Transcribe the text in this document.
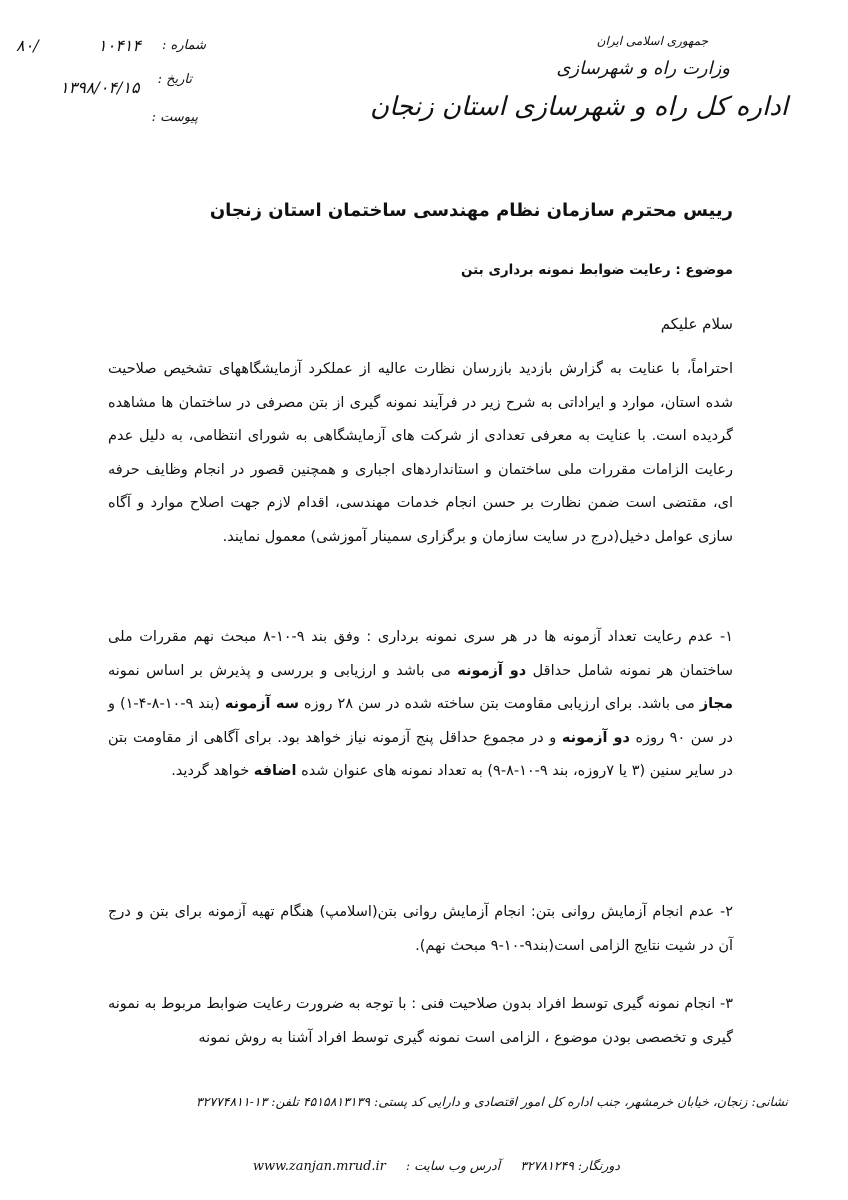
جمهوری اسلامی ایران
وزارت راه و شهرسازی
اداره کل راه و شهرسازی استان زنجان
۸۰/	۱۰۴۱۴ شماره :
۱۳۹۸/۰۴/۱۵ تاریخ :
پیوست :
رییس محترم سازمان نظام مهندسی ساختمان استان زنجان
موضوع : رعایت ضوابط نمونه برداری بتن
سلام علیکم
احتراماً، با عنایت به گزارش بازدید بازرسان نظارت عالیه از عملکرد آزمایشگاههای تشخیص صلاحیت شده استان، موارد و ایراداتی به شرح زیر در فرآیند نمونه گیری از بتن مصرفی در ساختمان ها مشاهده گردیده است. با عنایت به معرفی تعدادی از شرکت های آزمایشگاهی به شورای انتظامی، به دلیل عدم رعایت الزامات مقررات ملی ساختمان و استانداردهای اجباری و همچنین قصور در انجام وظایف حرفه ای، مقتضی است ضمن نظارت بر حسن انجام خدمات مهندسی، اقدام لازم جهت اصلاح موارد و آگاه سازی عوامل دخیل(درج در سایت سازمان و برگزاری سمینار آموزشی) معمول نمایند.
۱- عدم رعایت تعداد آزمونه ها در هر سری نمونه برداری : وفق بند ۹-۱۰-۸ مبحث نهم مقررات ملی ساختمان هر نمونه شامل حداقل دو آزمونه می باشد و ارزیابی و بررسی و پذیرش بر اساس نمونه مجاز می باشد. برای ارزیابی مقاومت بتن ساخته شده در سن ۲۸ روزه سه آزمونه (بند ۹-۱۰-۸-۴-۱) و در سن ۹۰ روزه دو آزمونه و در مجموع حداقل پنج آزمونه نیاز خواهد بود. برای آگاهی از مقاومت بتن در سایر سنین (۳ یا ۷روزه، بند ۹-۱۰-۸-۹) به تعداد نمونه های عنوان شده اضافه خواهد گردید.
۲- عدم انجام آزمایش روانی بتن: انجام آزمایش روانی بتن(اسلامپ) هنگام تهیه آزمونه برای بتن و درج آن در شیت نتایج الزامی است(بند۹-۱۰-۹ مبحث نهم).
۳- انجام نمونه گیری توسط افراد بدون صلاحیت فنی : با توجه به ضرورت رعایت ضوابط مربوط به نمونه گیری و تخصصی بودن موضوع ، الزامی است نمونه گیری توسط افراد آشنا به روش نمونه
نشانی: زنجان، خیابان خرمشهر، جنب اداره کل امور اقتصادی و دارایی کد پستی: ۴۵۱۵۸۱۳۱۳۹ تلفن: ۱۳-۳۲۷۷۴۸۱۱
دورنگار: ۳۲۷۸۱۲۴۹
آدرس وب سایت :
www.zanjan.mrud.ir
